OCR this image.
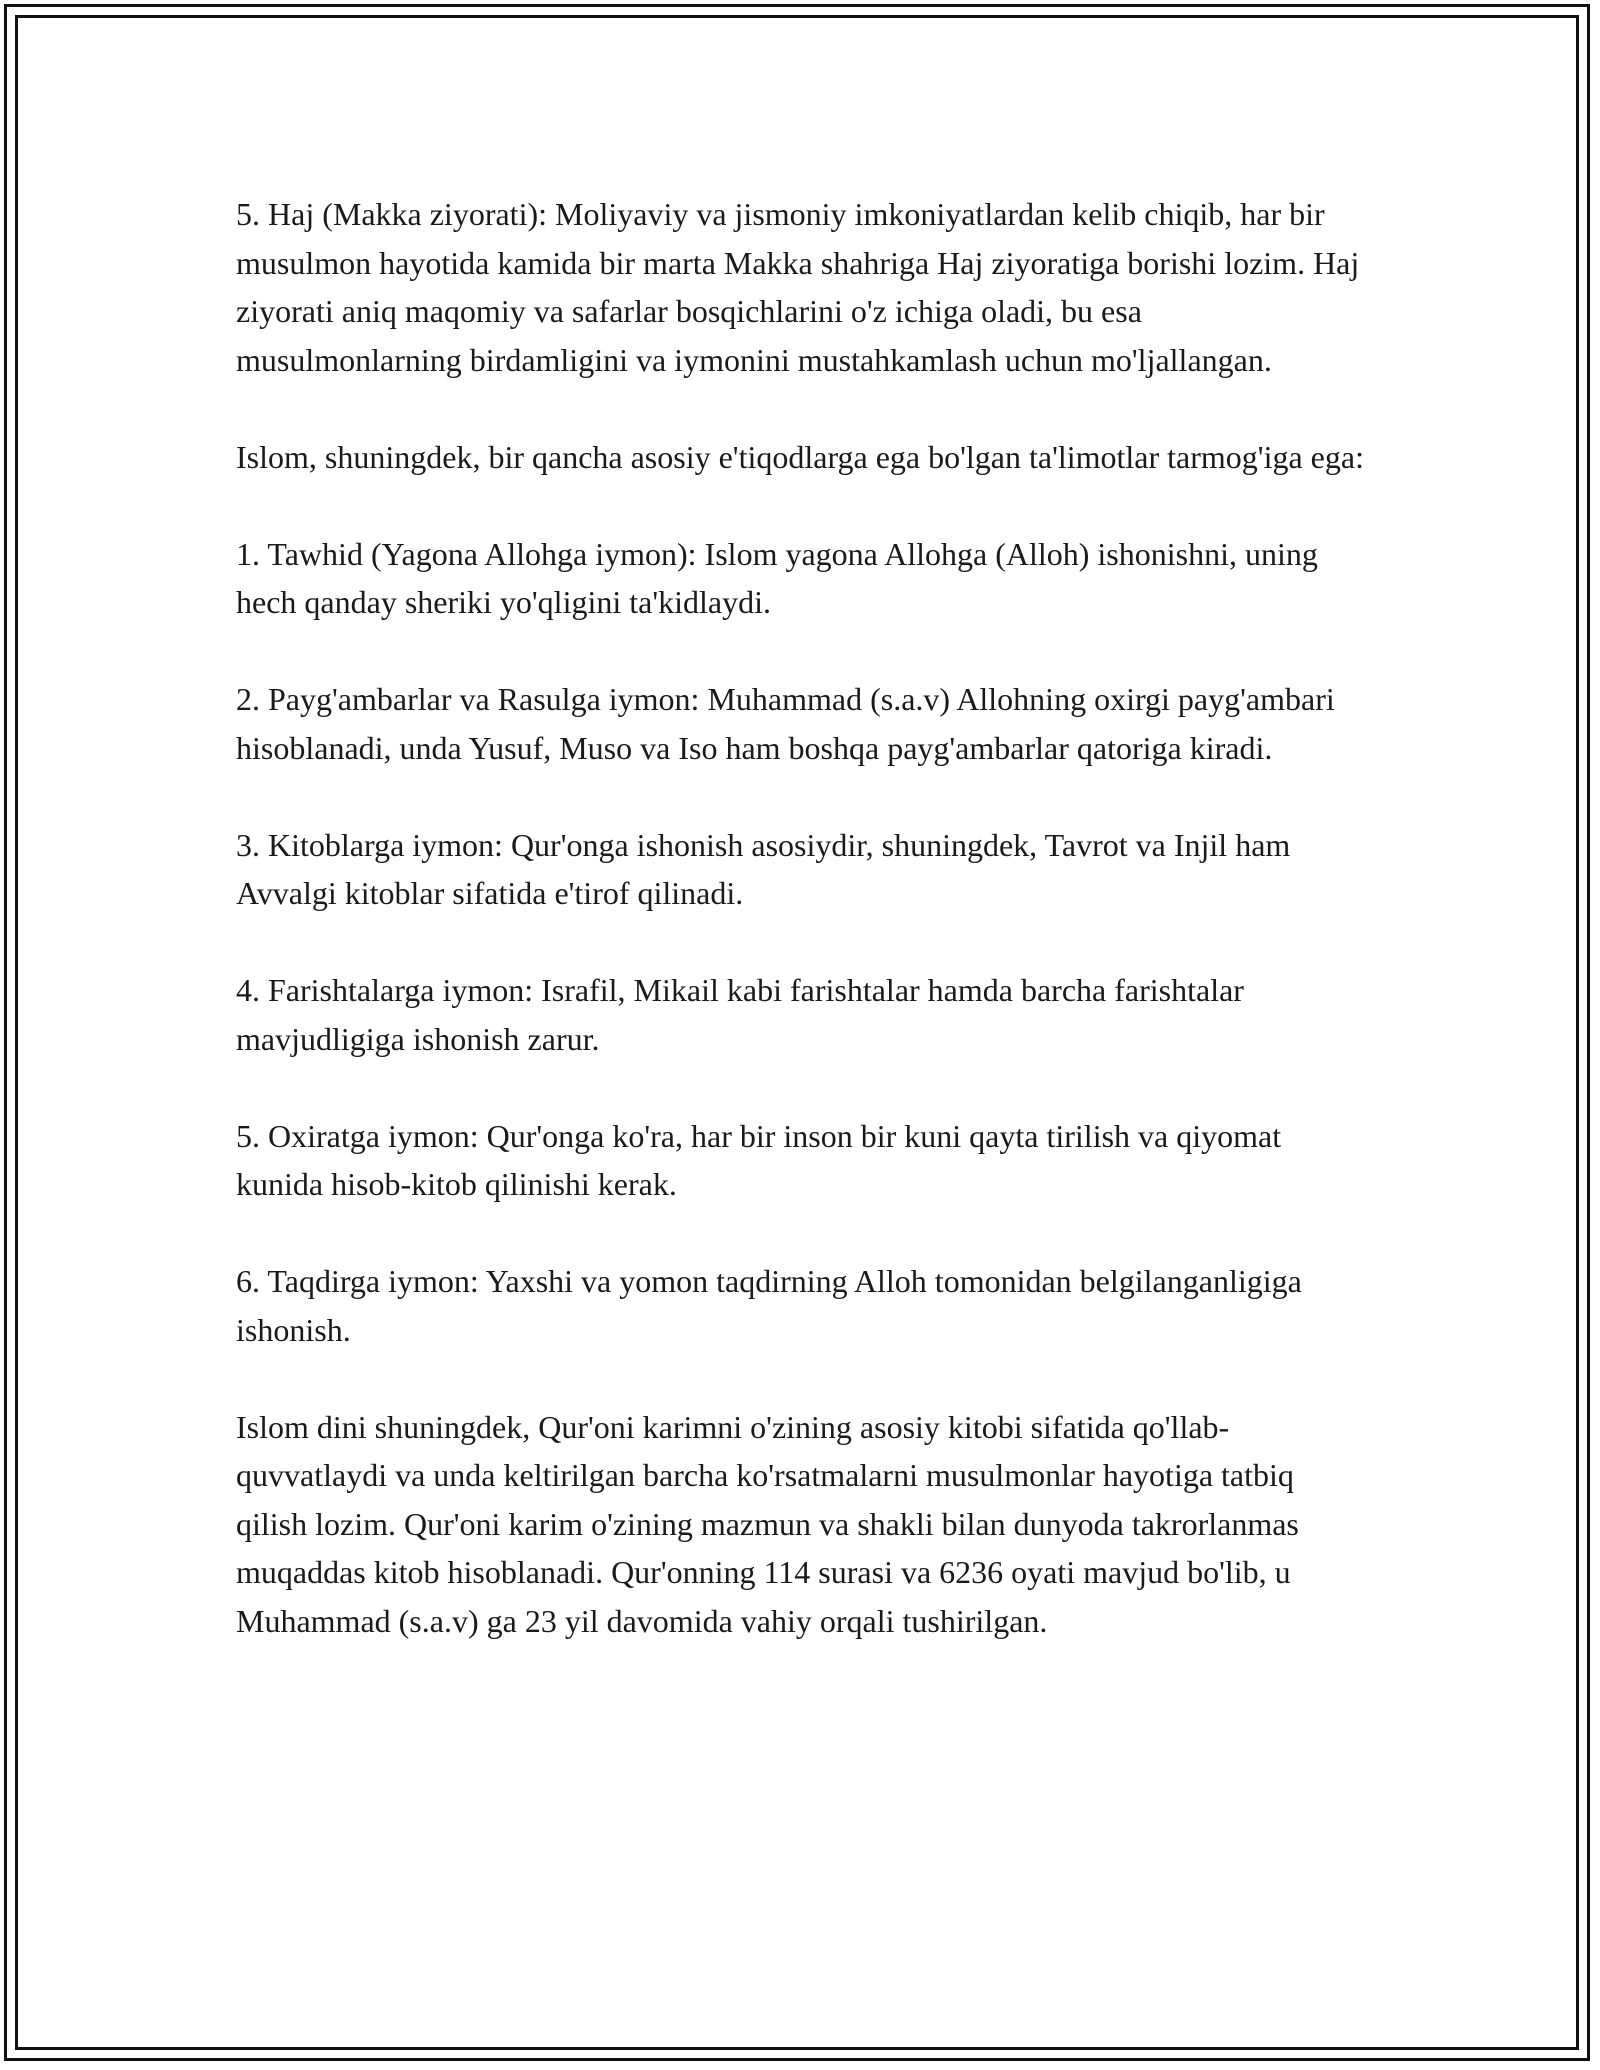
5. Haj (Makka ziyorati): Moliyaviy va jismoniy imkoniyatlardan kelib chiqib, har bir musulmon hayotida kamida bir marta Makka shahriga Haj ziyoratiga borishi lozim. Haj ziyorati aniq maqomiy va safarlar bosqichlarini o'z ichiga oladi, bu esa musulmonlarning birdamligini va iymonini mustahkamlash uchun mo'ljallangan.

Islom, shuningdek, bir qancha asosiy e'tiqodlarga ega bo'lgan ta'limotlar tarmog'iga ega:

1. Tawhid (Yagona Allohga iymon): Islom yagona Allohga (Alloh) ishonishni, uning hech qanday sheriki yo'qligini ta'kidlaydi.

2. Payg'ambarlar va Rasulga iymon: Muhammad (s.a.v) Allohning oxirgi payg'ambari hisoblanadi, unda Yusuf, Muso va Iso ham boshqa payg'ambarlar qatoriga kiradi.

3. Kitoblarga iymon: Qur'onga ishonish asosiydir, shuningdek, Tavrot va Injil ham Avvalgi kitoblar sifatida e'tirof qilinadi.

4. Farishtalarga iymon: Israfil, Mikail kabi farishtalar hamda barcha farishtalar mavjudligiga ishonish zarur.

5. Oxiratga iymon: Qur'onga ko'ra, har bir inson bir kuni qayta tirilish va qiyomat kunida hisob-kitob qilinishi kerak.

6. Taqdirga iymon: Yaxshi va yomon taqdirning Alloh tomonidan belgilanganligiga ishonish.

Islom dini shuningdek, Qur'oni karimni o'zining asosiy kitobi sifatida qo'llab-quvvatlaydi va unda keltirilgan barcha ko'rsatmalarni musulmonlar hayotiga tatbiq qilish lozim. Qur'oni karim o'zining mazmun va shakli bilan dunyoda takrorlanmas muqaddas kitob hisoblanadi. Qur'onning 114 surasi va 6236 oyati mavjud bo'lib, u Muhammad (s.a.v) ga 23 yil davomida vahiy orqali tushirilgan.
